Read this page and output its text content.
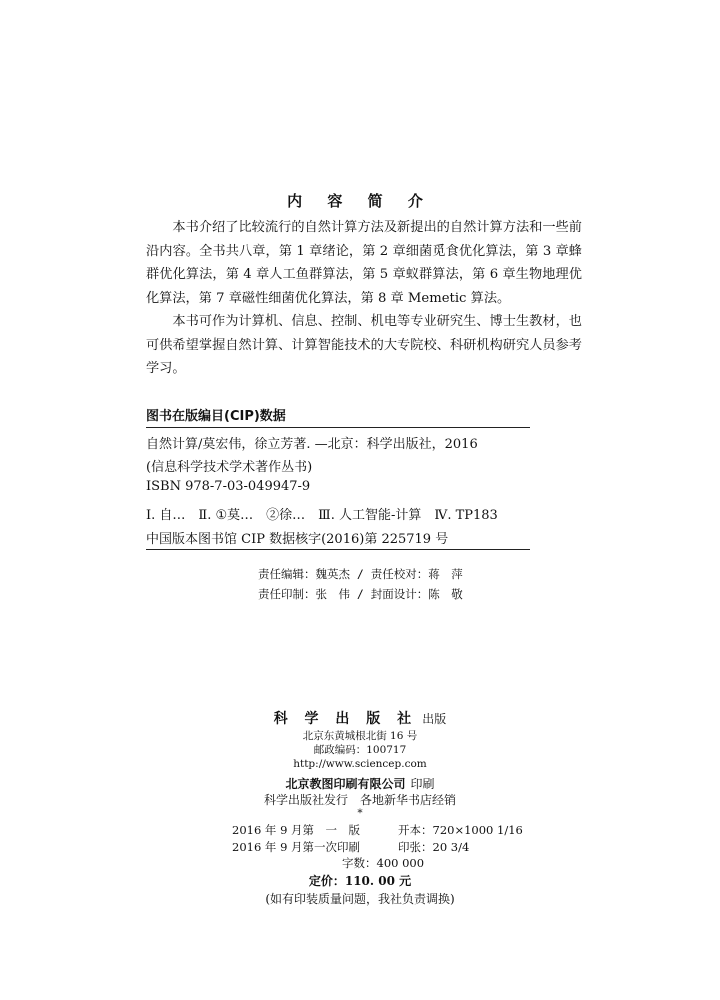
内 容 简 介

本书介绍了比较流行的自然计算方法及新提出的自然计算方法和一些前沿内容。全书共八章，第 1 章绪论，第 2 章细菌觅食优化算法，第 3 章蜂群优化算法，第 4 章人工鱼群算法，第 5 章蚁群算法，第 6 章生物地理优化算法，第 7 章磁性细菌优化算法，第 8 章 Memetic 算法。

本书可作为计算机、信息、控制、机电等专业研究生、博士生教材，也可供希望掌握自然计算、计算智能技术的大专院校、科研机构研究人员参考学习。

图书在版编目(CIP)数据
自然计算/莫宏伟，徐立芳著. —北京：科学出版社，2016
(信息科学技术学术著作丛书)
ISBN 978-7-03-049947-9
Ⅰ. 自…　Ⅱ. ①莫…　②徐…　Ⅲ. 人工智能-计算　Ⅳ. TP183
中国版本图书馆 CIP 数据核字(2016)第 225719 号
责任编辑：魏英杰 / 责任校对：蒋　萍
责任印制：张　伟 / 封面设计：陈　敬
科 学 出 版 社 出版
北京东黄城根北街 16 号
邮政编码：100717
http://www.sciencep.com
北京教图印刷有限公司 印刷
科学出版社发行　各地新华书店经销
*
2016 年 9 月第　一　版	开本：720×1000 1/16
2016 年 9 月第一次印刷	印张：20 3/4
字数：400 000
定价：110. 00 元
(如有印装质量问题，我社负责调换)
